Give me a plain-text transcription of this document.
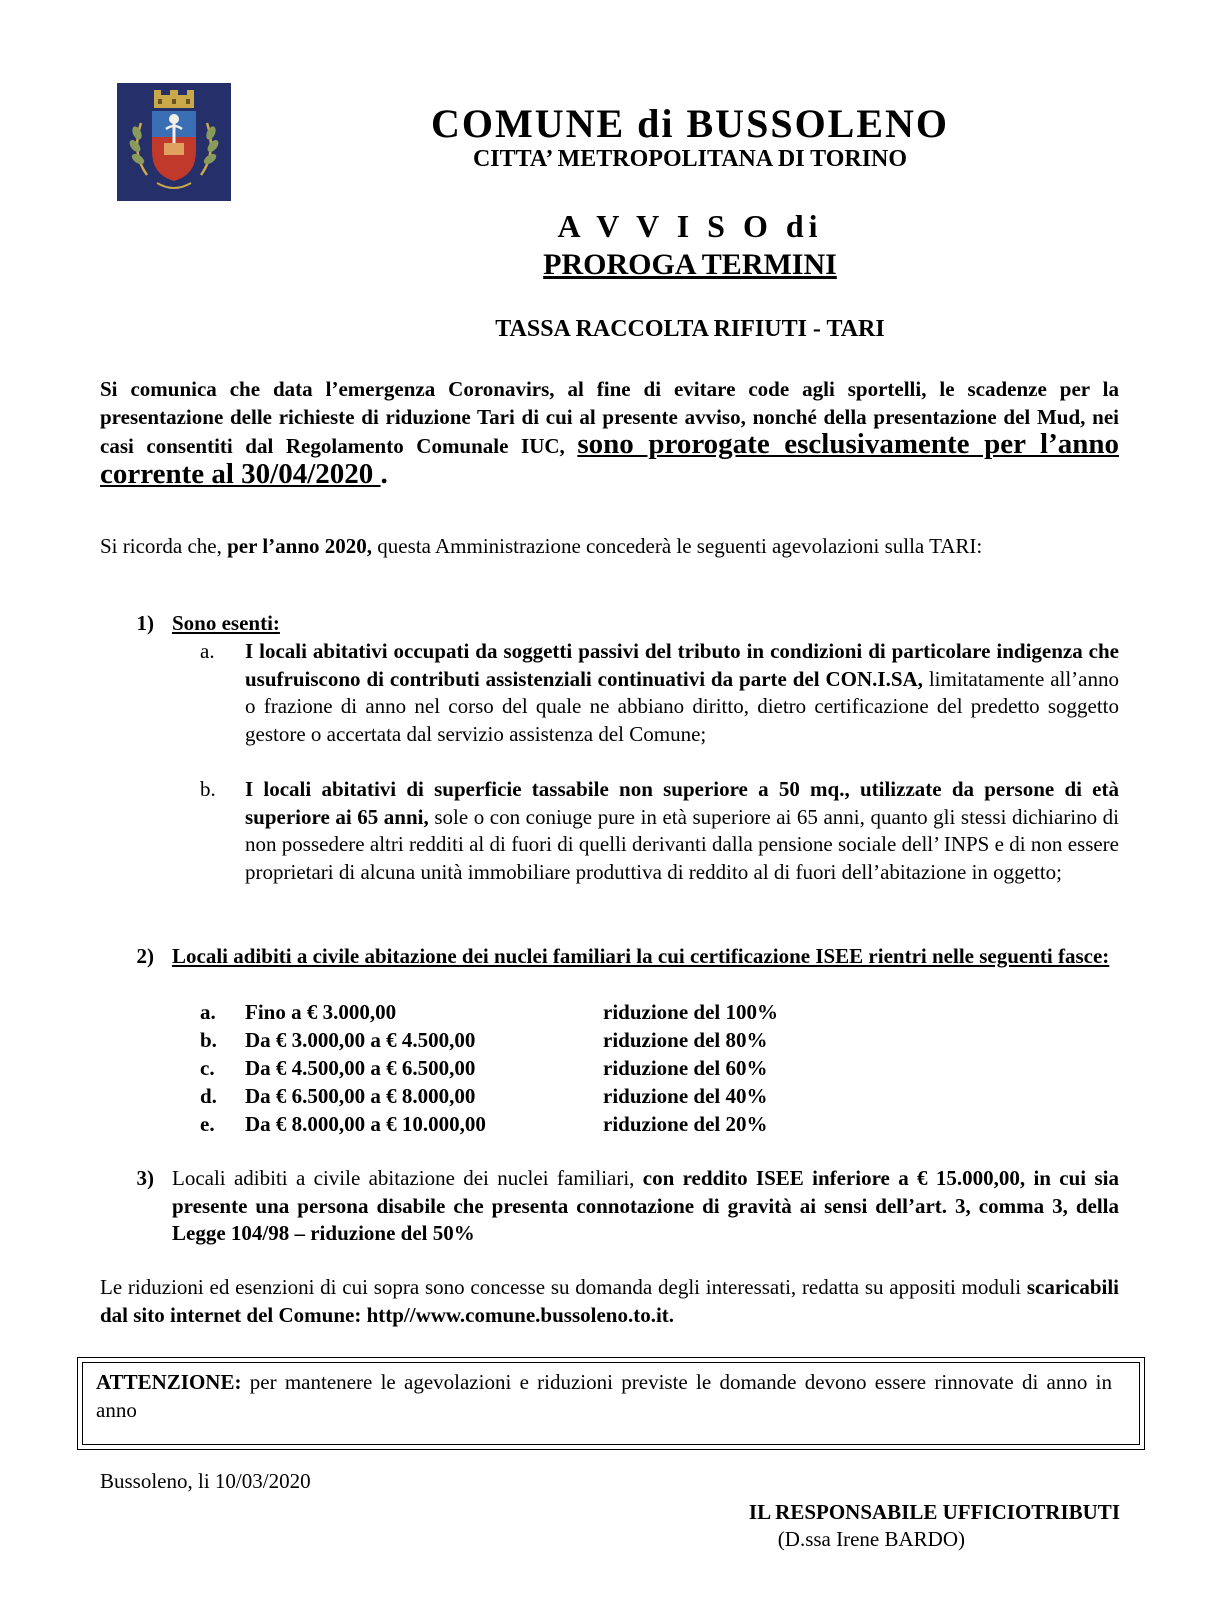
COMUNE di BUSSOLENO
CITTA’ METROPOLITANA DI TORINO
A V V I S O di
PROROGA TERMINI
TASSA RACCOLTA RIFIUTI - TARI
Si comunica che data l’emergenza Coronavirs, al fine di evitare code agli sportelli, le scadenze per la presentazione delle richieste di riduzione Tari di cui al presente avviso, nonché della presentazione del Mud, nei casi consentiti dal Regolamento Comunale IUC, sono prorogate esclusivamente per l’anno corrente al 30/04/2020 .
Si ricorda che, per l’anno 2020, questa Amministrazione concederà le seguenti agevolazioni sulla TARI:
1) Sono esenti:
a.	I locali abitativi occupati da soggetti passivi del tributo in condizioni di particolare indigenza che usufruiscono di contributi assistenziali continuativi da parte del CON.I.SA, limitatamente all’anno o frazione di anno nel corso del quale ne abbiano diritto, dietro certificazione del predetto soggetto gestore o accertata dal servizio assistenza del Comune;
b.	I locali abitativi di superficie tassabile non superiore a 50 mq., utilizzate da persone di età superiore ai 65 anni, sole o con coniuge pure in età superiore ai 65 anni, quanto gli stessi dichiarino di non possedere altri redditi al di fuori di quelli derivanti dalla pensione sociale dell’ INPS e di non essere proprietari di alcuna unità immobiliare produttiva di reddito al di fuori dell’abitazione in oggetto;
2) Locali adibiti a civile abitazione dei nuclei familiari la cui certificazione ISEE rientri nelle seguenti fasce:
a.	Fino a € 3.000,00	riduzione del 100%
b.	Da € 3.000,00 a € 4.500,00	riduzione del 80%
c.	Da € 4.500,00 a € 6.500,00	riduzione del 60%
d.	Da € 6.500,00 a € 8.000,00	riduzione del 40%
e.	Da € 8.000,00 a € 10.000,00	riduzione del 20%
3) Locali adibiti a civile abitazione dei nuclei familiari, con reddito ISEE inferiore a € 15.000,00, in cui sia presente una persona disabile che presenta connotazione di gravità ai sensi dell’art. 3, comma 3, della Legge 104/98 – riduzione del 50%
Le riduzioni ed esenzioni di cui sopra sono concesse su domanda degli interessati, redatta su appositi moduli scaricabili dal sito internet del Comune: http//www.comune.bussoleno.to.it.
ATTENZIONE: per mantenere le agevolazioni e riduzioni previste le domande devono essere rinnovate di anno in anno
Bussoleno, li 10/03/2020
IL RESPONSABILE UFFICIOTRIBUTI
(D.ssa Irene BARDO)
